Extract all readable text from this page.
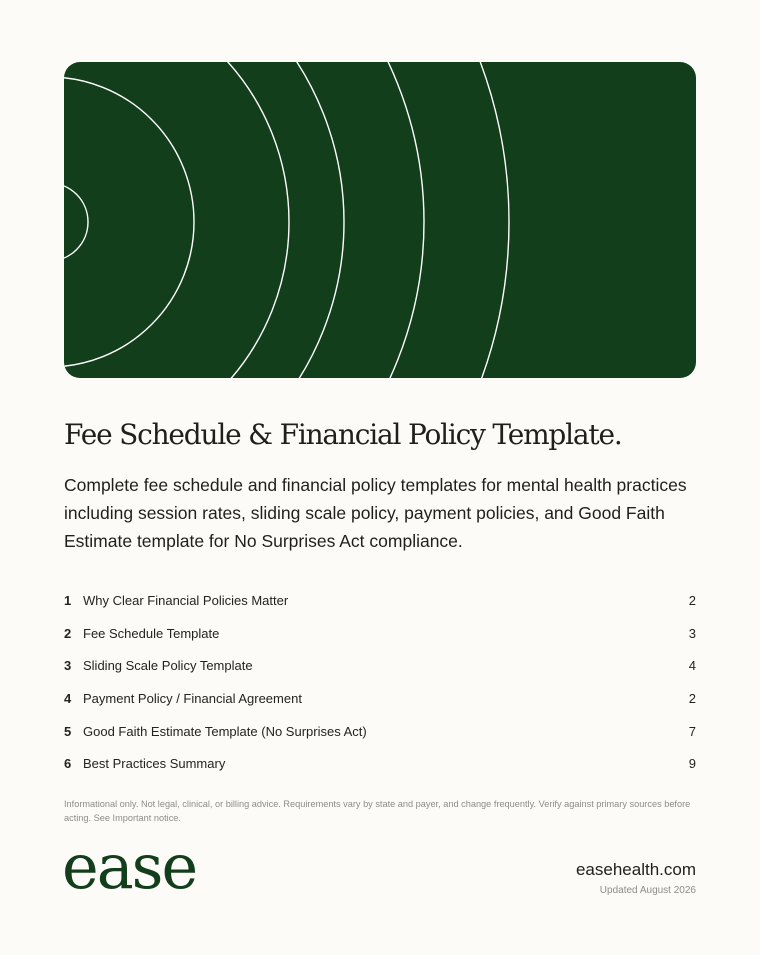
Fee Schedule & Financial Policy Template.

Complete fee schedule and financial policy templates for mental health practices including session rates, sliding scale policy, payment policies, and Good Faith Estimate template for No Surprises Act compliance.

1 Why Clear Financial Policies Matter	2
2 Fee Schedule Template	3
3 Sliding Scale Policy Template	4
4 Payment Policy / Financial Agreement	2
5 Good Faith Estimate Template (No Surprises Act)	7
6 Best Practices Summary	9

Informational only. Not legal, clinical, or billing advice. Requirements vary by state and payer, and change frequently. Verify against primary sources before acting. See Important notice.

ease	easehealth.com
Updated August 2026
